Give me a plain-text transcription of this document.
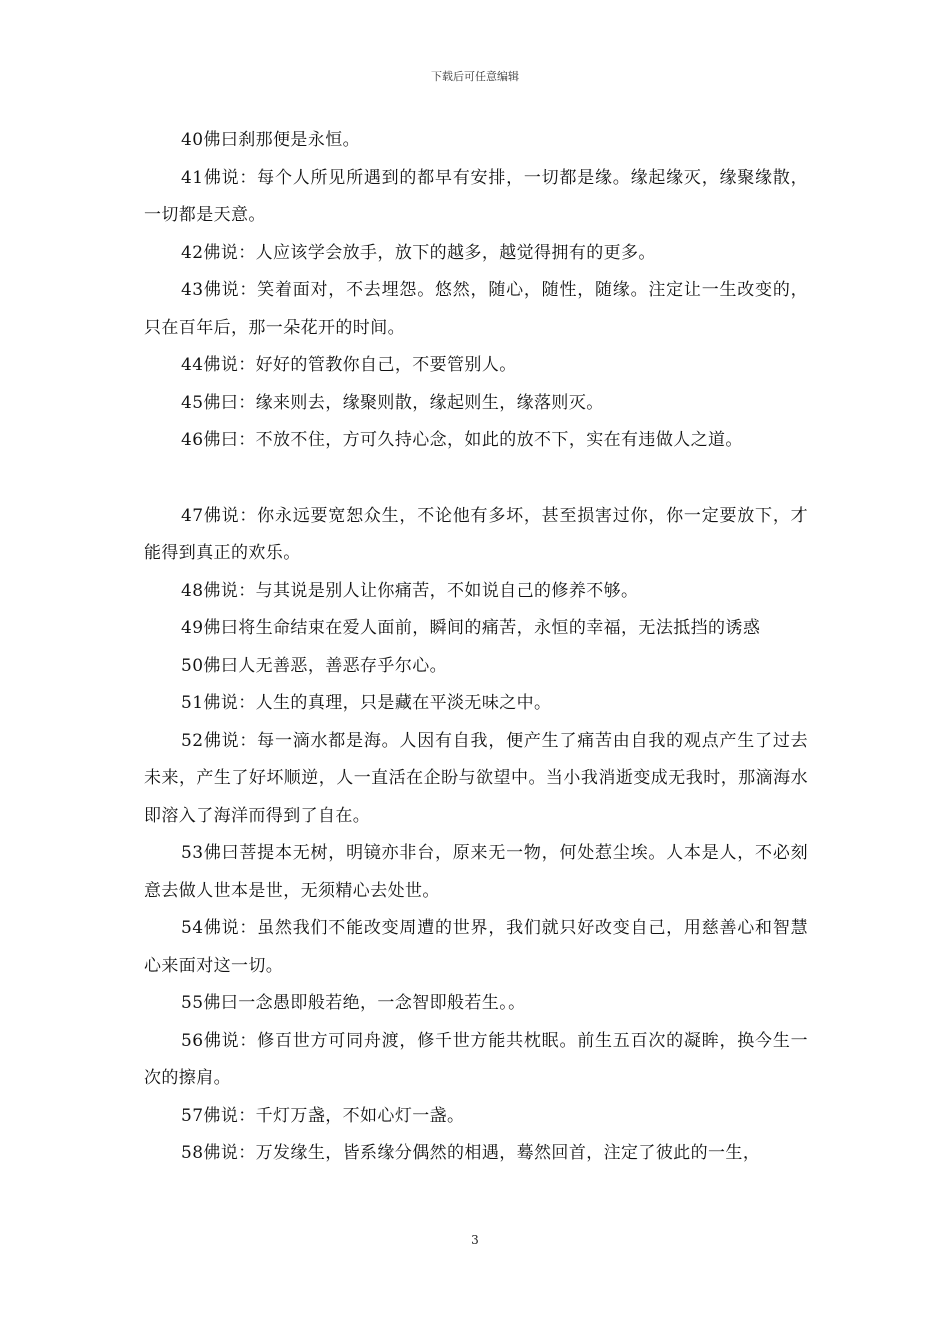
下载后可任意编辑

40佛曰刹那便是永恒。

41佛说：每个人所见所遇到的都早有安排，一切都是缘。缘起缘灭，缘聚缘散，一切都是天意。

42佛说：人应该学会放手，放下的越多，越觉得拥有的更多。

43佛说：笑着面对，不去埋怨。悠然，随心，随性，随缘。注定让一生改变的，只在百年后，那一朵花开的时间。

44佛说：好好的管教你自己，不要管别人。

45佛曰：缘来则去，缘聚则散，缘起则生，缘落则灭。

46佛曰：不放不住，方可久持心念，如此的放不下，实在有违做人之道。

47佛说：你永远要宽恕众生，不论他有多坏，甚至损害过你，你一定要放下，才能得到真正的欢乐。

48佛说：与其说是别人让你痛苦，不如说自己的修养不够。

49佛曰将生命结束在爱人面前，瞬间的痛苦，永恒的幸福，无法抵挡的诱惑

50佛曰人无善恶，善恶存乎尔心。

51佛说：人生的真理，只是藏在平淡无味之中。

52佛说：每一滴水都是海。人因有自我，便产生了痛苦由自我的观点产生了过去未来，产生了好坏顺逆，人一直活在企盼与欲望中。当小我消逝变成无我时，那滴海水即溶入了海洋而得到了自在。

53佛曰菩提本无树，明镜亦非台，原来无一物，何处惹尘埃。人本是人，不必刻意去做人世本是世，无须精心去处世。

54佛说：虽然我们不能改变周遭的世界，我们就只好改变自己，用慈善心和智慧心来面对这一切。

55佛曰一念愚即般若绝，一念智即般若生。。

56佛说：修百世方可同舟渡，修千世方能共枕眠。前生五百次的凝眸，换今生一次的擦肩。

57佛说：千灯万盏，不如心灯一盏。

58佛说：万发缘生，皆系缘分偶然的相遇，蓦然回首，注定了彼此的一生，

3
